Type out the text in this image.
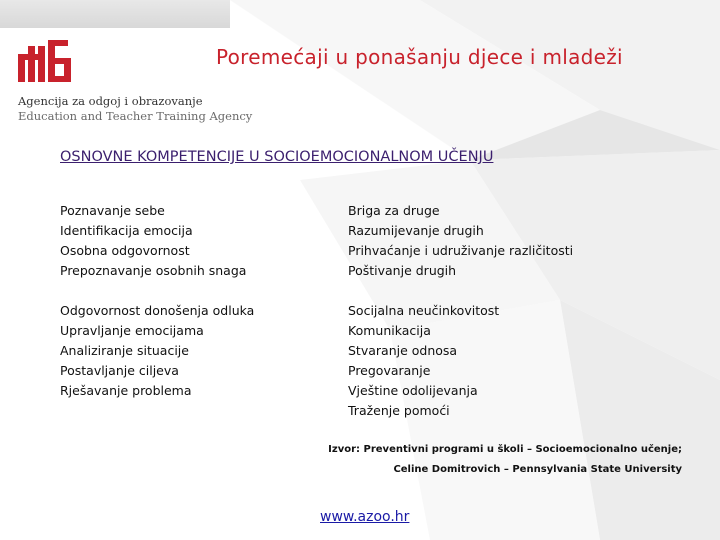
Poremećaji u ponašanju djece i mladeži
Agencija za odgoj i obrazovanje
Education and Teacher Training Agency
OSNOVNE KOMPETENCIJE U SOCIOEMOCIONALNOM UČENJU
Poznavanje sebe
Identifikacija emocija
Osobna odgovornost
Prepoznavanje osobnih snaga
Briga za druge
Razumijevanje drugih
Prihvaćanje i udruživanje različitosti
Poštivanje drugih
Odgovornost donošenja odluka
Upravljanje emocijama
Analiziranje situacije
Postavljanje ciljeva
Rješavanje problema
Socijalna neučinkovitost
Komunikacija
Stvaranje odnosa
Pregovaranje
Vještine odolijevanja
Traženje pomoći
Izvor: Preventivni programi u školi – Socioemocionalno učenje;
Celine Domitrovich – Pennsylvania State University
www.azoo.hr
